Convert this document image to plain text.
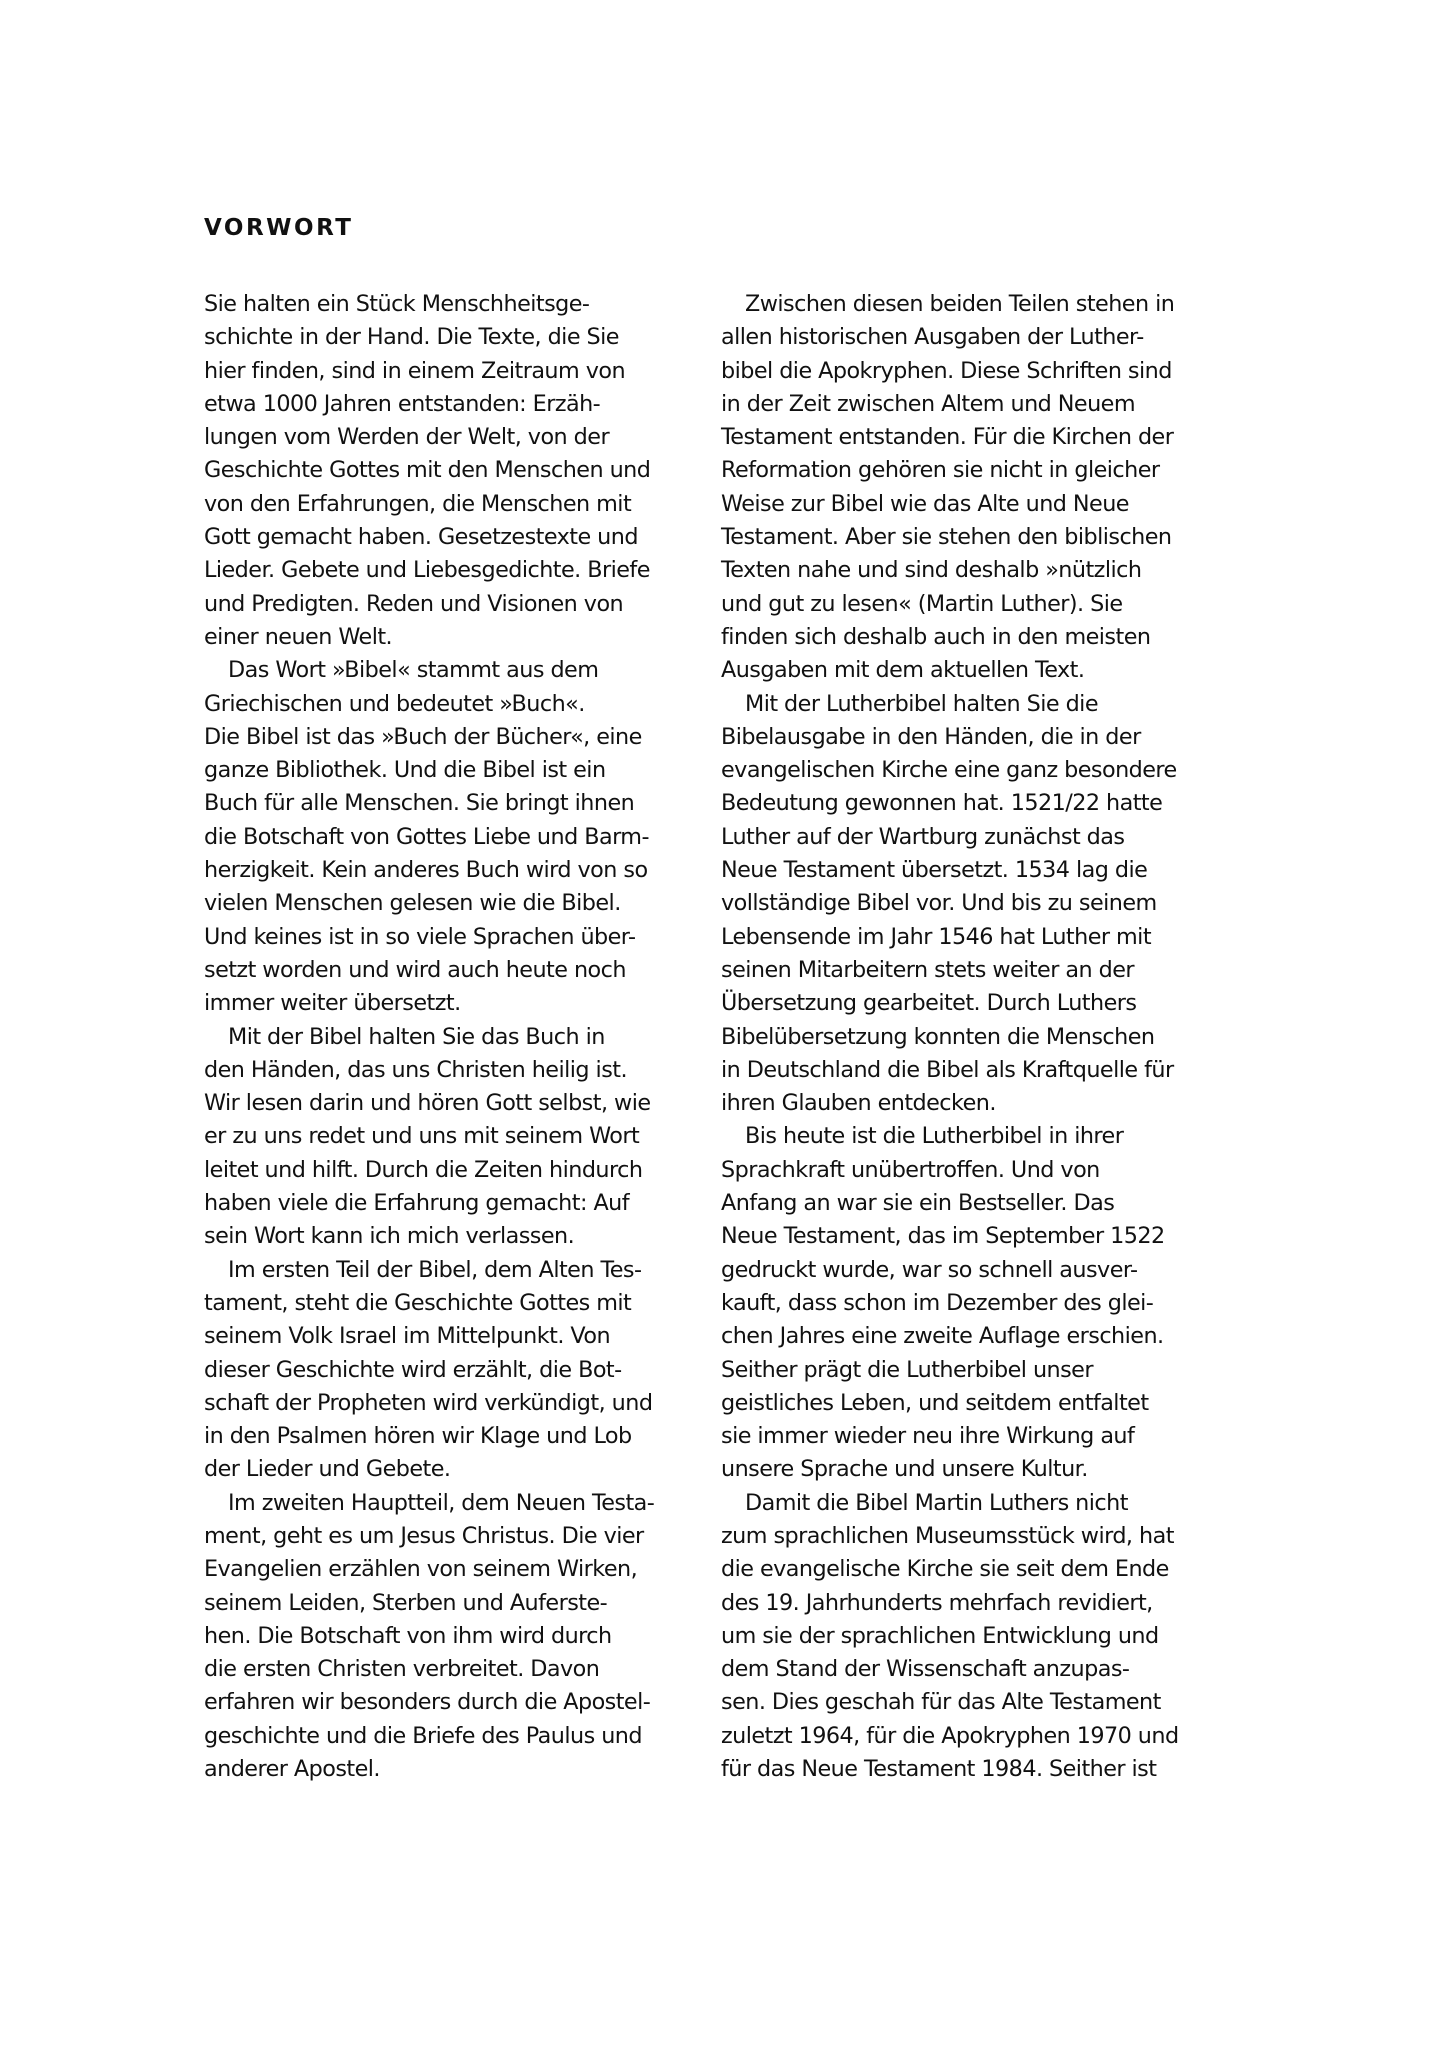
VORWORT
Sie halten ein Stück Menschheitsge-
schichte in der Hand. Die Texte, die Sie
hier finden, sind in einem Zeitraum von
etwa 1000 Jahren entstanden: Erzäh-
lungen vom Werden der Welt, von der
Geschichte Gottes mit den Menschen und
von den Erfahrungen, die Menschen mit
Gott gemacht haben. Gesetzestexte und
Lieder. Gebete und Liebesgedichte. Briefe
und Predigten. Reden und Visionen von
einer neuen Welt.
Das Wort »Bibel« stammt aus dem
Griechischen und bedeutet »Buch«.
Die Bibel ist das »Buch der Bücher«, eine
ganze Bibliothek. Und die Bibel ist ein
Buch für alle Menschen. Sie bringt ihnen
die Botschaft von Gottes Liebe und Barm-
herzigkeit. Kein anderes Buch wird von so
vielen Menschen gelesen wie die Bibel.
Und keines ist in so viele Sprachen über-
setzt worden und wird auch heute noch
immer weiter übersetzt.
Mit der Bibel halten Sie das Buch in
den Händen, das uns Christen heilig ist.
Wir lesen darin und hören Gott selbst, wie
er zu uns redet und uns mit seinem Wort
leitet und hilft. Durch die Zeiten hindurch
haben viele die Erfahrung gemacht: Auf
sein Wort kann ich mich verlassen.
Im ersten Teil der Bibel, dem Alten Tes-
tament, steht die Geschichte Gottes mit
seinem Volk Israel im Mittelpunkt. Von
dieser Geschichte wird erzählt, die Bot-
schaft der Propheten wird verkündigt, und
in den Psalmen hören wir Klage und Lob
der Lieder und Gebete.
Im zweiten Hauptteil, dem Neuen Testa-
ment, geht es um Jesus Christus. Die vier
Evangelien erzählen von seinem Wirken,
seinem Leiden, Sterben und Auferste-
hen. Die Botschaft von ihm wird durch
die ersten Christen verbreitet. Davon
erfahren wir besonders durch die Apostel-
geschichte und die Briefe des Paulus und
anderer Apostel.
Zwischen diesen beiden Teilen stehen in
allen historischen Ausgaben der Luther-
bibel die Apokryphen. Diese Schriften sind
in der Zeit zwischen Altem und Neuem
Testament entstanden. Für die Kirchen der
Reformation gehören sie nicht in gleicher
Weise zur Bibel wie das Alte und Neue
Testament. Aber sie stehen den biblischen
Texten nahe und sind deshalb »nützlich
und gut zu lesen« (Martin Luther). Sie
finden sich deshalb auch in den meisten
Ausgaben mit dem aktuellen Text.
Mit der Lutherbibel halten Sie die
Bibelausgabe in den Händen, die in der
evangelischen Kirche eine ganz besondere
Bedeutung gewonnen hat. 1521/22 hatte
Luther auf der Wartburg zunächst das
Neue Testament übersetzt. 1534 lag die
vollständige Bibel vor. Und bis zu seinem
Lebensende im Jahr 1546 hat Luther mit
seinen Mitarbeitern stets weiter an der
Übersetzung gearbeitet. Durch Luthers
Bibelübersetzung konnten die Menschen
in Deutschland die Bibel als Kraftquelle für
ihren Glauben entdecken.
Bis heute ist die Lutherbibel in ihrer
Sprachkraft unübertroffen. Und von
Anfang an war sie ein Bestseller. Das
Neue Testament, das im September 1522
gedruckt wurde, war so schnell ausver-
kauft, dass schon im Dezember des glei-
chen Jahres eine zweite Auflage erschien.
Seither prägt die Lutherbibel unser
geistliches Leben, und seitdem entfaltet
sie immer wieder neu ihre Wirkung auf
unsere Sprache und unsere Kultur.
Damit die Bibel Martin Luthers nicht
zum sprachlichen Museumsstück wird, hat
die evangelische Kirche sie seit dem Ende
des 19. Jahrhunderts mehrfach revidiert,
um sie der sprachlichen Entwicklung und
dem Stand der Wissenschaft anzupas-
sen. Dies geschah für das Alte Testament
zuletzt 1964, für die Apokryphen 1970 und
für das Neue Testament 1984. Seither ist
